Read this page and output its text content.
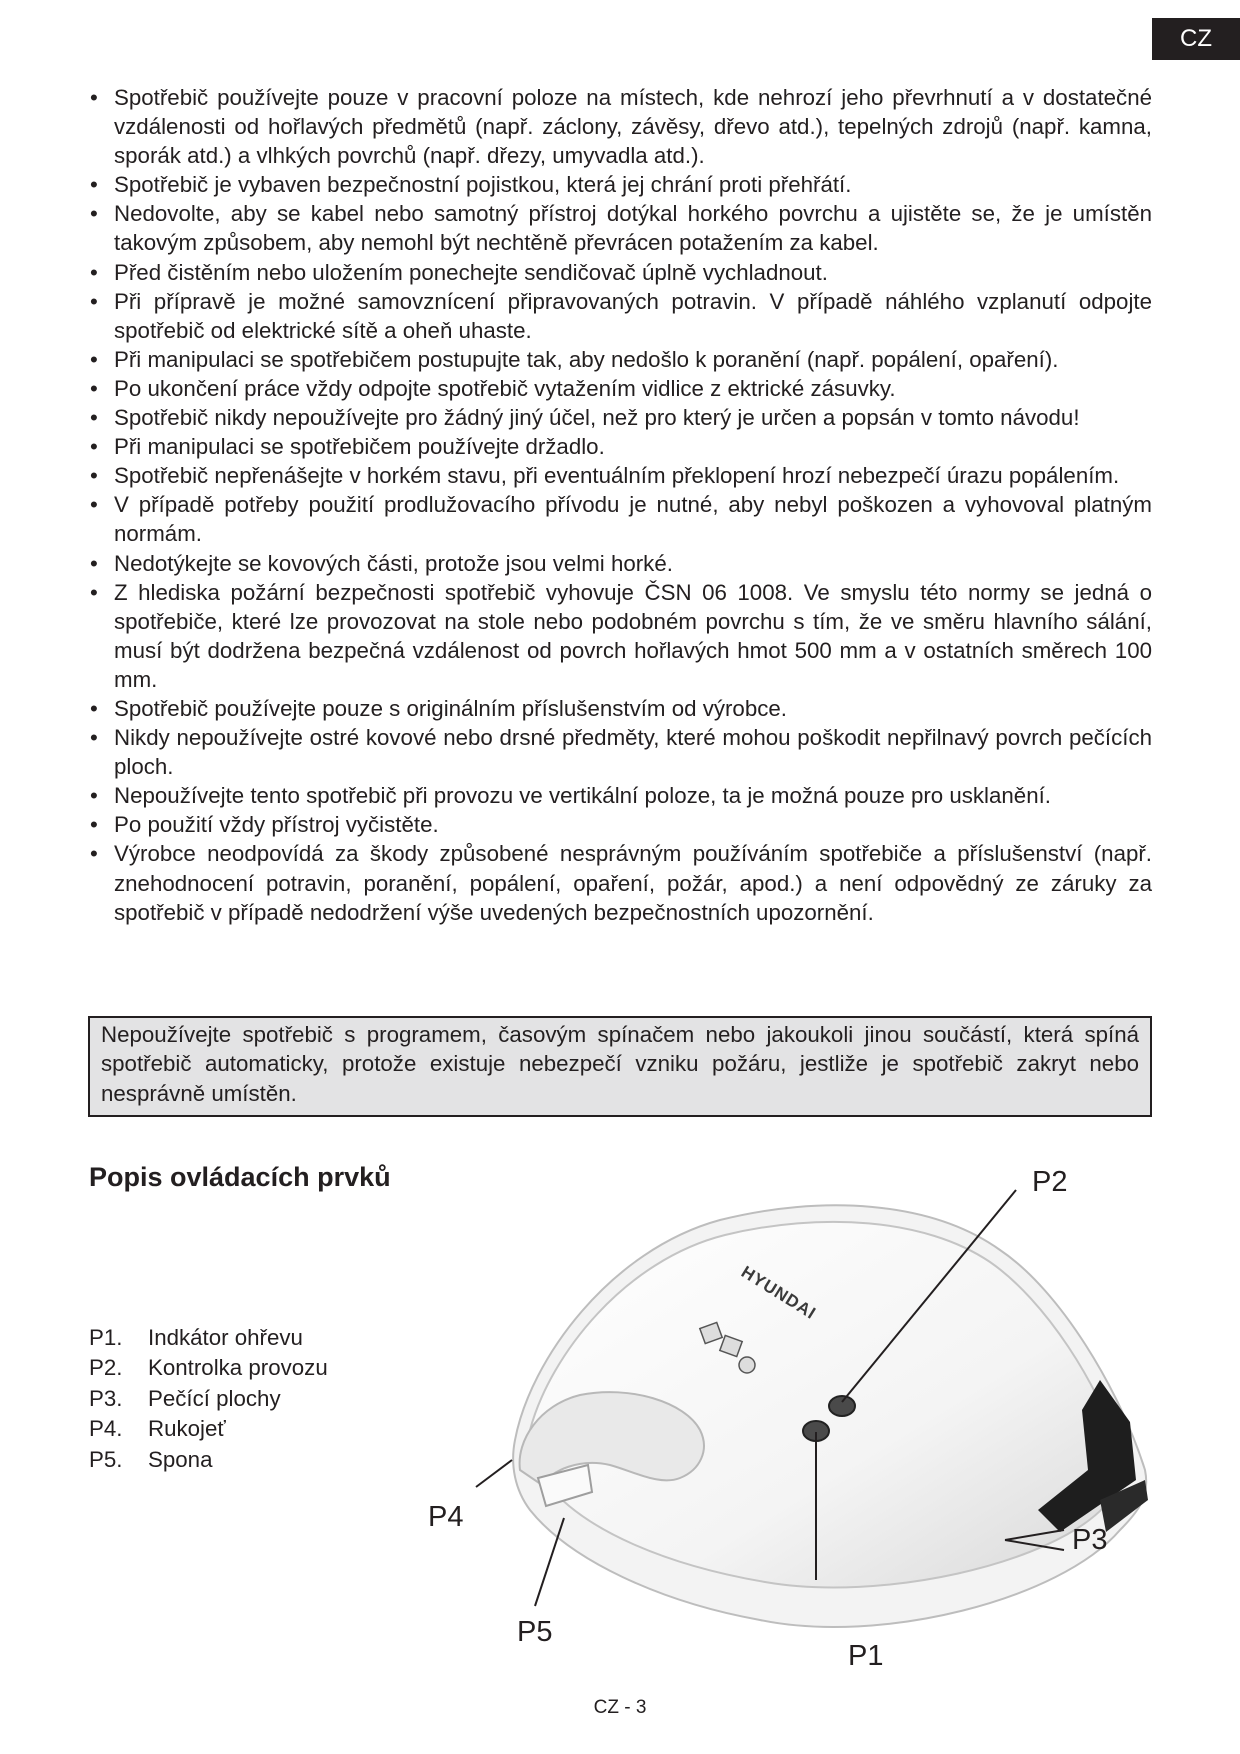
CZ
• Spotřebič používejte pouze v pracovní poloze na místech, kde nehrozí jeho převrhnutí a v dostatečné vzdálenosti od hořlavých předmětů (např. záclony, závěsy, dřevo atd.), tepelných zdrojů (např. kamna, sporák atd.) a vlhkých povrchů (např. dřezy, umyvadla atd.).
• Spotřebič je vybaven bezpečnostní pojistkou, která jej chrání proti přehřátí.
• Nedovolte, aby se kabel nebo samotný přístroj dotýkal horkého povrchu a ujistěte se, že je umístěn takovým způsobem, aby nemohl být nechtěně převrácen potažením za kabel.
• Před čistěním nebo uložením ponechejte sendičovač úplně vychladnout.
• Při přípravě je možné samovznícení připravovaných potravin. V případě náhlého vzplanutí odpojte spotřebič od elektrické sítě a oheň uhaste.
• Při manipulaci se spotřebičem postupujte tak, aby nedošlo k poranění (např. popálení, opaření).
• Po ukončení práce vždy odpojte spotřebič vytažením vidlice z ektrické zásuvky.
• Spotřebič nikdy nepoužívejte pro žádný jiný účel, než pro který je určen a popsán v tomto návodu!
• Při manipulaci se spotřebičem používejte držadlo.
• Spotřebič nepřenášejte v horkém stavu, při eventuálním překlopení hrozí nebezpečí úrazu popálením.
• V případě potřeby použití prodlužovacího přívodu je nutné, aby nebyl poškozen a vyhovoval platným normám.
• Nedotýkejte se kovových části, protože jsou velmi horké.
• Z hlediska požární bezpečnosti spotřebič vyhovuje ČSN 06 1008. Ve smyslu této normy se jedná o spotřebiče, které lze provozovat na stole nebo podobném povrchu s tím, že ve směru hlavního sálání, musí být dodržena bezpečná vzdálenost od povrch hořlavých hmot 500 mm a v ostatních směrech 100 mm.
• Spotřebič používejte pouze s originálním příslušenstvím od výrobce.
• Nikdy nepoužívejte ostré kovové nebo drsné předměty, které mohou poškodit nepřilnavý povrch pečících ploch.
• Nepoužívejte tento spotřebič při provozu ve vertikální poloze, ta je možná pouze pro usklanění.
• Po použití vždy přístroj vyčistěte.
• Výrobce neodpovídá za škody způsobené nesprávným používáním spotřebiče a příslušenství (např. znehodnocení potravin, poranění, popálení, opaření, požár, apod.) a není odpovědný ze záruky za spotřebič v případě nedodržení výše uvedených bezpečnostních upozornění.
Nepoužívejte spotřebič s programem, časovým spínačem nebo jakoukoli jinou součástí, která spíná spotřebič automaticky, protože existuje nebezpečí vzniku požáru, jestliže je spotřebič zakryt nebo nesprávně umístěn.
Popis ovládacích prvků
P1.	Indkátor ohřevu
P2.	Kontrolka provozu
P3.	Pečící plochy
P4.	Rukojeť
P5.	Spona
HYUNDAI
P2
P3
P4
P5
P1
CZ - 3
